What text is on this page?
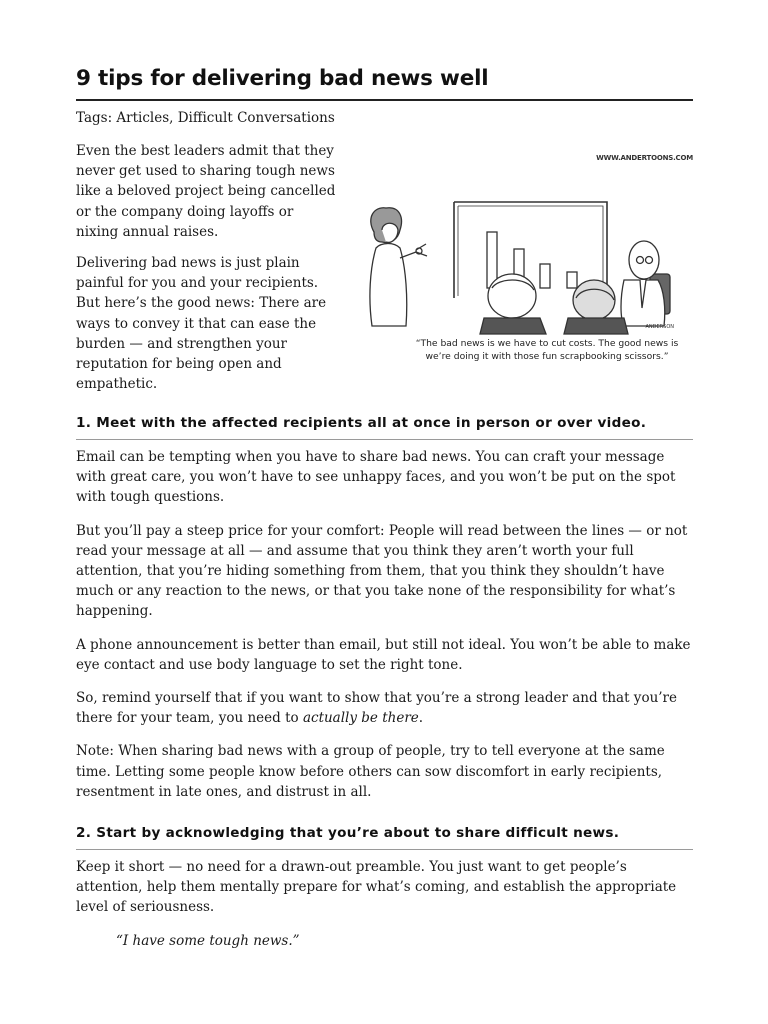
9 tips for delivering bad news well
Tags: Articles, Difficult Conversations

Even the best leaders admit that they never get used to sharing tough news like a beloved project being cancelled or the company doing layoffs or nixing annual raises.

Delivering bad news is just plain painful for you and your recipients. But here’s the good news: There are ways to convey it that can ease the burden — and strengthen your reputation for being open and empathetic.

WWW.ANDERTOONS.COM
ANDERSON
“The bad news is we have to cut costs. The good news is
we’re doing it with those fun scrapbooking scissors.”
1. Meet with the affected recipients all at once in person or over video.

Email can be tempting when you have to share bad news. You can craft your message with great care, you won’t have to see unhappy faces, and you won’t be put on the spot with tough questions.

But you’ll pay a steep price for your comfort: People will read between the lines — or not read your message at all — and assume that you think they aren’t worth your full attention, that you’re hiding something from them, that you think they shouldn’t have much or any reaction to the news, or that you take none of the responsibility for what’s happening.

A phone announcement is better than email, but still not ideal. You won’t be able to make eye contact and use body language to set the right tone.

So, remind yourself that if you want to show that you’re a strong leader and that you’re there for your team, you need to actually be there.

Note: When sharing bad news with a group of people, try to tell everyone at the same time. Letting some people know before others can sow discomfort in early recipients, resentment in late ones, and distrust in all.

2. Start by acknowledging that you’re about to share difficult news.

Keep it short — no need for a drawn-out preamble. You just want to get people’s attention, help them mentally prepare for what’s coming, and establish the appropriate level of seriousness.

“I have some tough news.”
